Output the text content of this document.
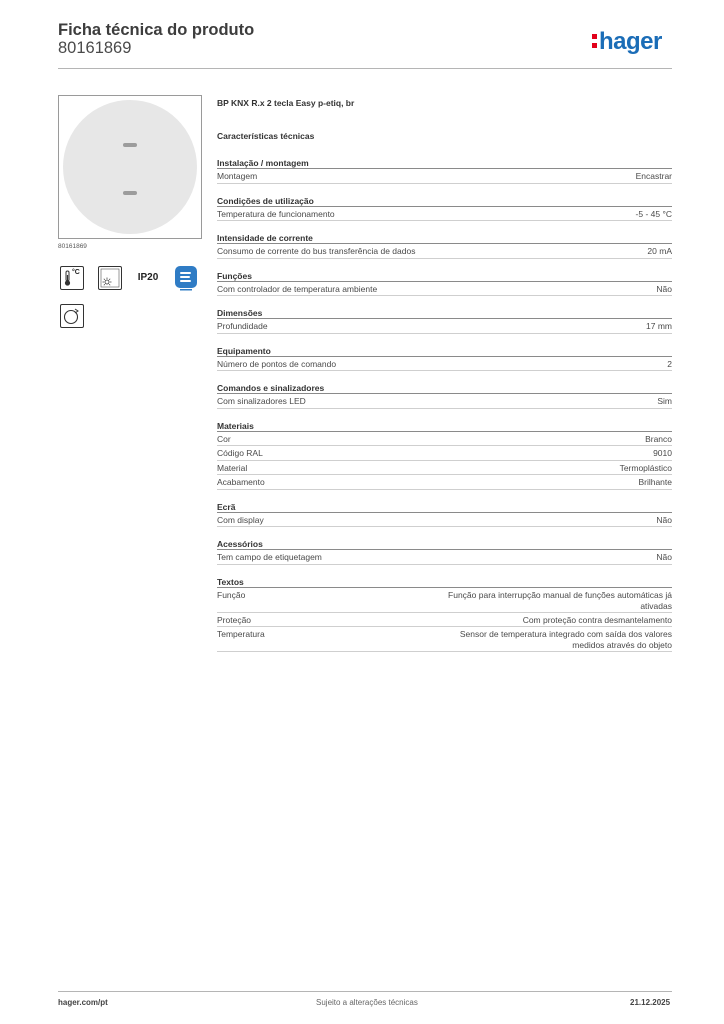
Ficha técnica do produto
80161869	hager
80161869
°C	IP20
BP KNX R.x 2 tecla Easy p-etiq, br
Características técnicas
Instalação / montagem
Montagem	Encastrar
Condições de utilização
Temperatura de funcionamento	-5 - 45 °C
Intensidade de corrente
Consumo de corrente do bus transferência de dados	20 mA
Funções
Com controlador de temperatura ambiente	Não
Dimensões
Profundidade	17 mm
Equipamento
Número de pontos de comando	2
Comandos e sinalizadores
Com sinalizadores LED	Sim
Materiais
Cor	Branco
Código RAL	9010
Material	Termoplástico
Acabamento	Brilhante
Ecrã
Com display	Não
Acessórios
Tem campo de etiquetagem	Não
Textos
Função	Função para interrupção manual de funções automáticas já ativadas
Proteção	Com proteção contra desmantelamento
Temperatura	Sensor de temperatura integrado com saída dos valores medidos através do objeto
hager.com/pt	Sujeito a alterações técnicas	21.12.2025
